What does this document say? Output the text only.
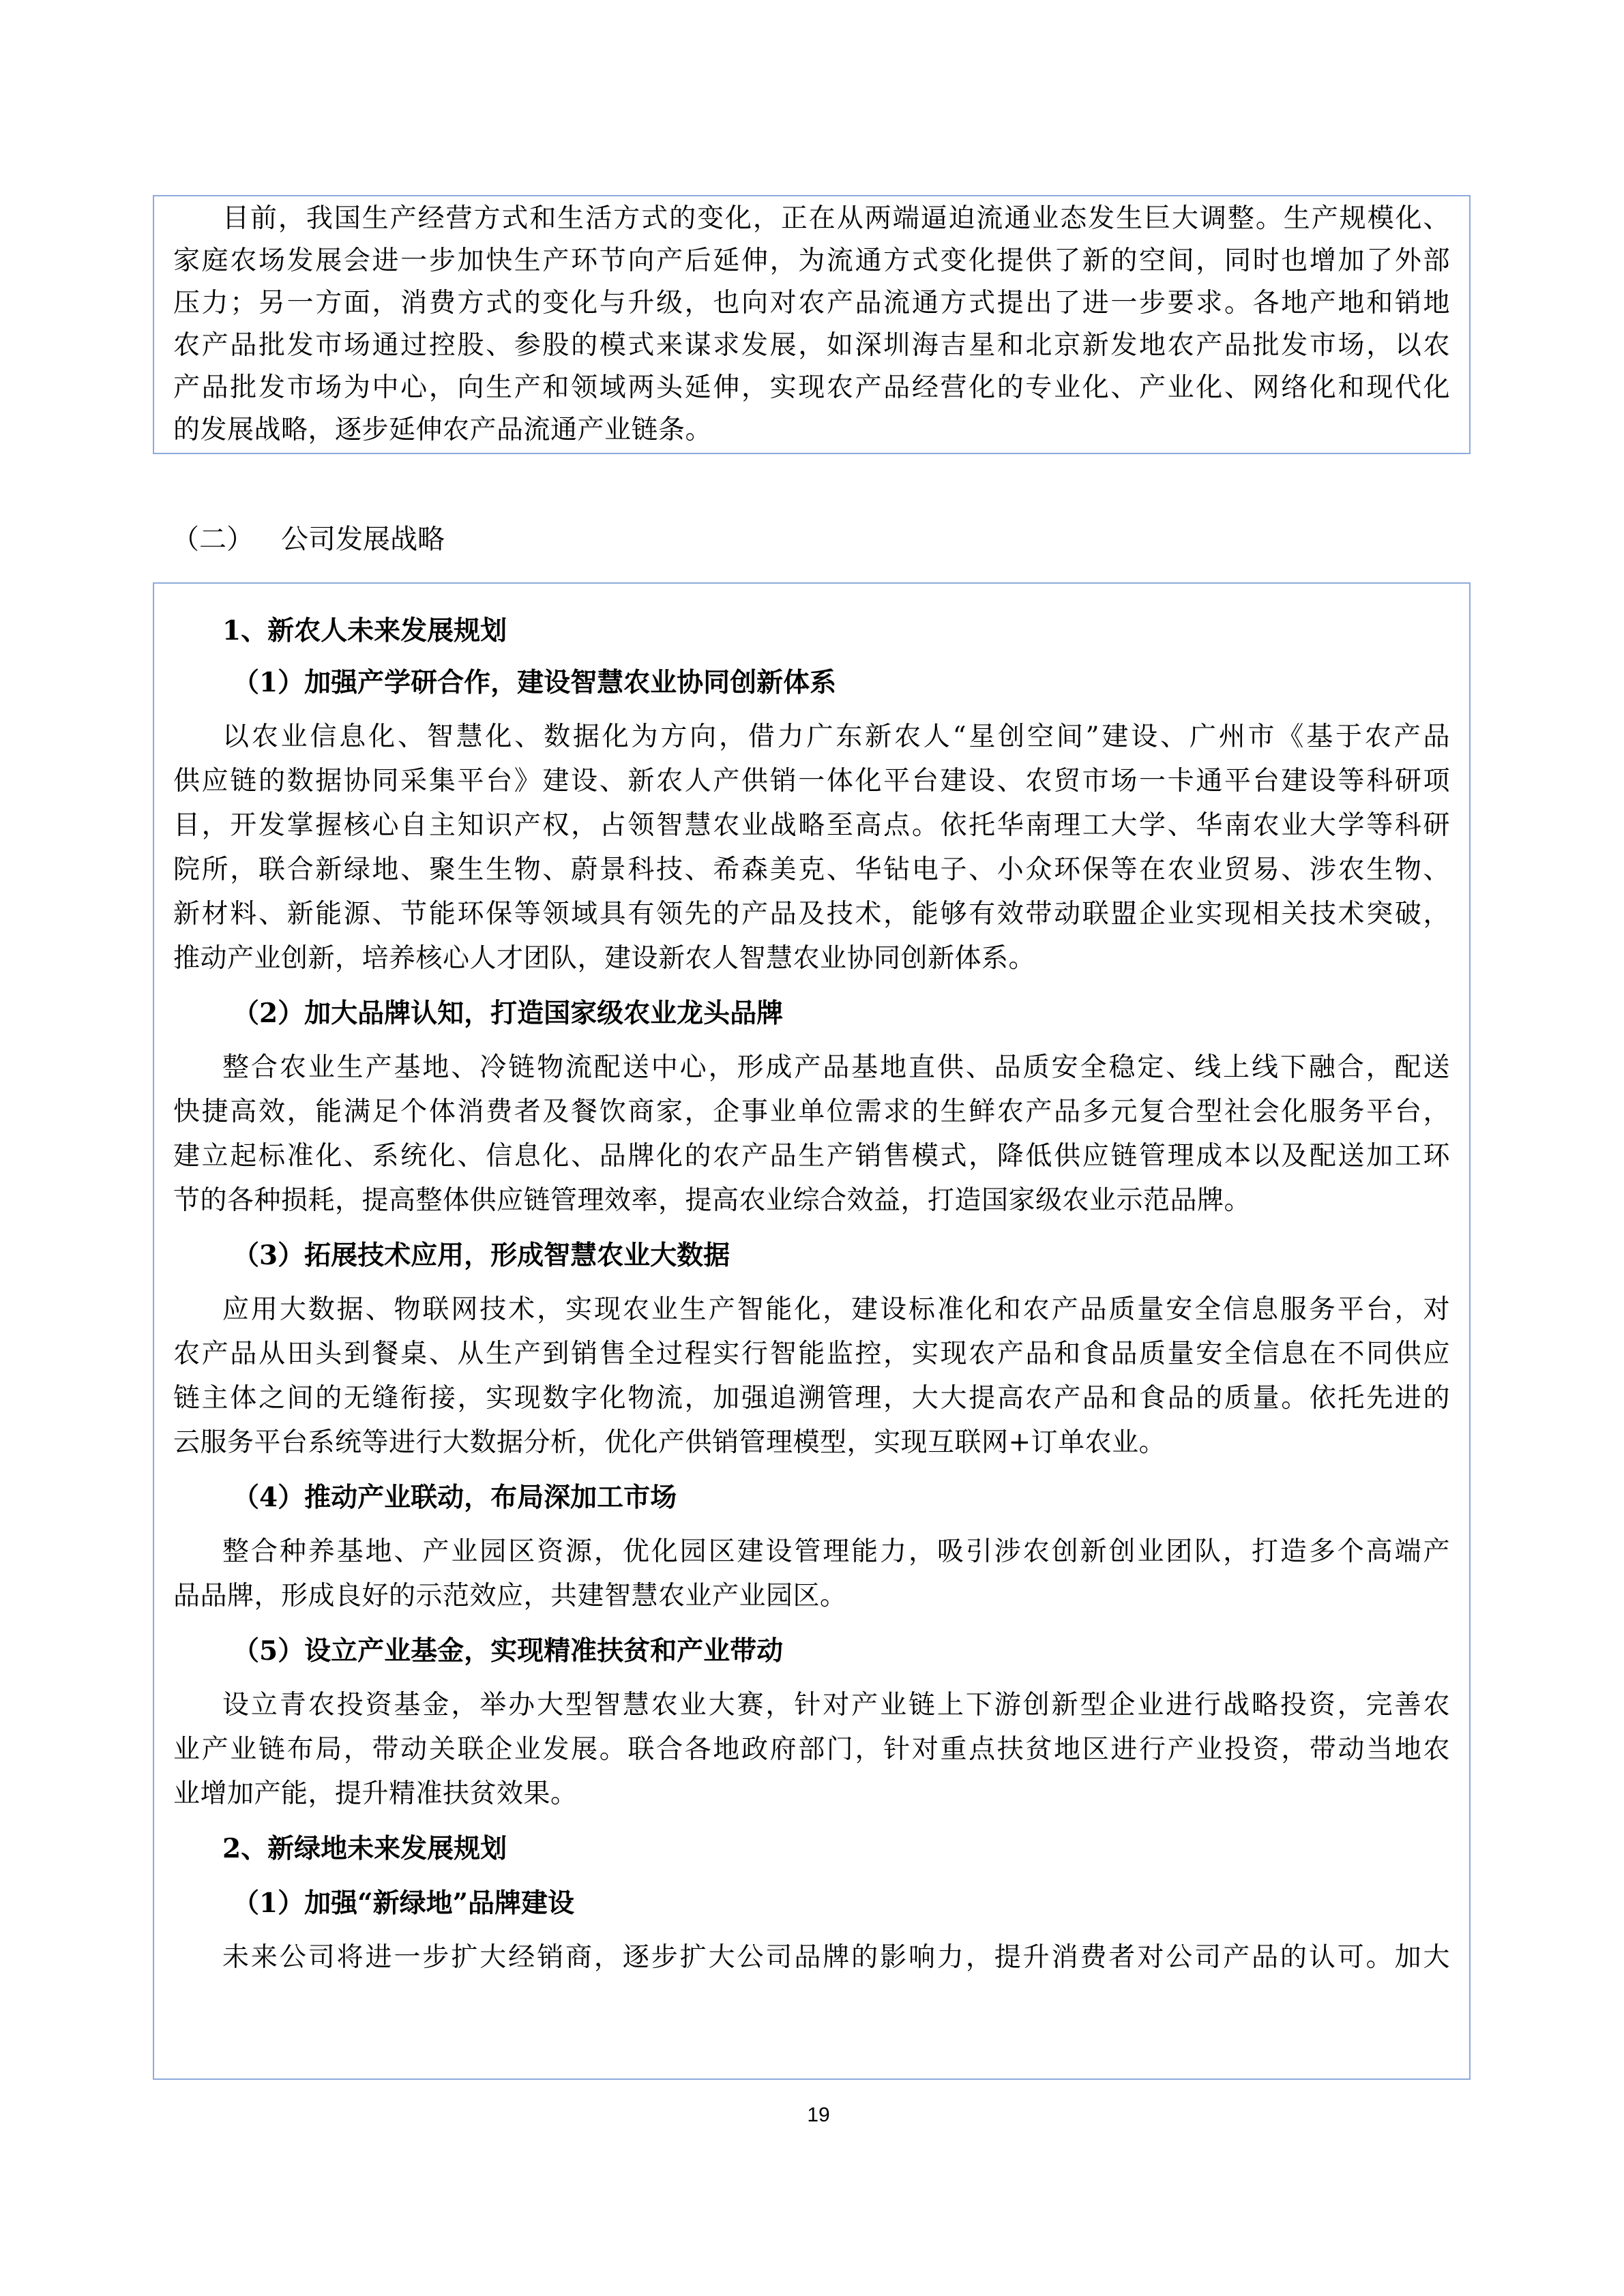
目前，我国生产经营方式和生活方式的变化，正在从两端逼迫流通业态发生巨大调整。生产规模化、
家庭农场发展会进一步加快生产环节向产后延伸，为流通方式变化提供了新的空间，同时也增加了外部
压力；另一方面，消费方式的变化与升级，也向对农产品流通方式提出了进一步要求。各地产地和销地
农产品批发市场通过控股、参股的模式来谋求发展，如深圳海吉星和北京新发地农产品批发市场，以农
产品批发市场为中心，向生产和领域两头延伸，实现农产品经营化的专业化、产业化、网络化和现代化
的发展战略，逐步延伸农产品流通产业链条。
（二） 公司发展战略
1、新农人未来发展规划
（1）加强产学研合作，建设智慧农业协同创新体系
以农业信息化、智慧化、数据化为方向，借力广东新农人“星创空间”建设、广州市《基于农产品
供应链的数据协同采集平台》建设、新农人产供销一体化平台建设、农贸市场一卡通平台建设等科研项
目，开发掌握核心自主知识产权，占领智慧农业战略至高点。依托华南理工大学、华南农业大学等科研
院所，联合新绿地、聚生生物、蔚景科技、希森美克、华钻电子、小众环保等在农业贸易、涉农生物、
新材料、新能源、节能环保等领域具有领先的产品及技术，能够有效带动联盟企业实现相关技术突破，
推动产业创新，培养核心人才团队，建设新农人智慧农业协同创新体系。
（2）加大品牌认知，打造国家级农业龙头品牌
整合农业生产基地、冷链物流配送中心，形成产品基地直供、品质安全稳定、线上线下融合，配送
快捷高效，能满足个体消费者及餐饮商家，企事业单位需求的生鲜农产品多元复合型社会化服务平台，
建立起标准化、系统化、信息化、品牌化的农产品生产销售模式，降低供应链管理成本以及配送加工环
节的各种损耗，提高整体供应链管理效率，提高农业综合效益，打造国家级农业示范品牌。
（3）拓展技术应用，形成智慧农业大数据
应用大数据、物联网技术，实现农业生产智能化，建设标准化和农产品质量安全信息服务平台，对
农产品从田头到餐桌、从生产到销售全过程实行智能监控，实现农产品和食品质量安全信息在不同供应
链主体之间的无缝衔接，实现数字化物流，加强追溯管理，大大提高农产品和食品的质量。依托先进的
云服务平台系统等进行大数据分析，优化产供销管理模型，实现互联网+订单农业。
（4）推动产业联动，布局深加工市场
整合种养基地、产业园区资源，优化园区建设管理能力，吸引涉农创新创业团队，打造多个高端产
品品牌，形成良好的示范效应，共建智慧农业产业园区。
（5）设立产业基金，实现精准扶贫和产业带动
设立青农投资基金，举办大型智慧农业大赛，针对产业链上下游创新型企业进行战略投资，完善农
业产业链布局，带动关联企业发展。联合各地政府部门，针对重点扶贫地区进行产业投资，带动当地农
业增加产能，提升精准扶贫效果。
2、新绿地未来发展规划
（1）加强“新绿地”品牌建设
未来公司将进一步扩大经销商，逐步扩大公司品牌的影响力，提升消费者对公司产品的认可。加大
19
